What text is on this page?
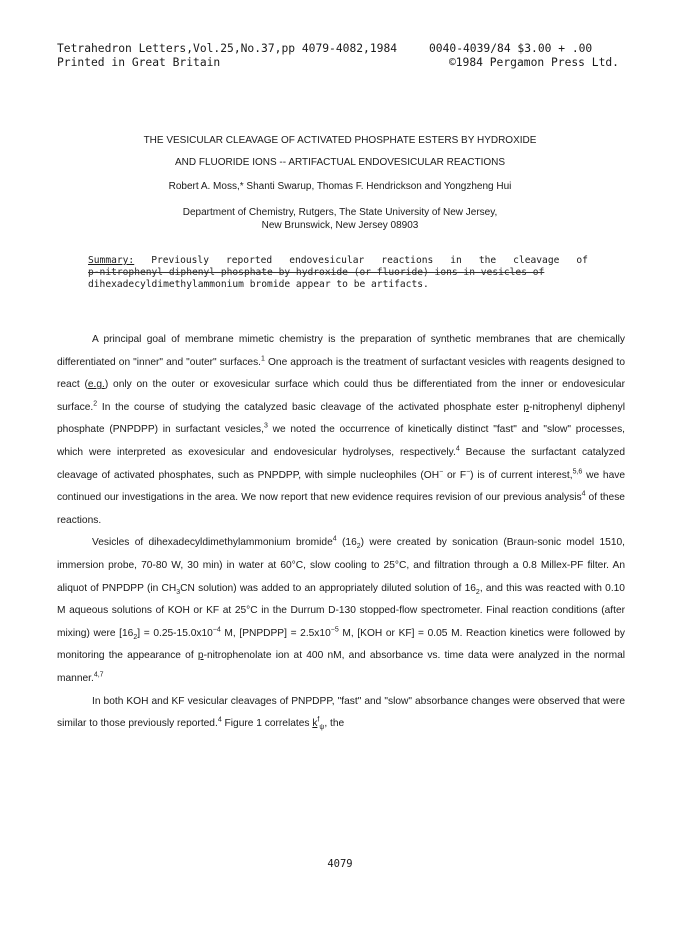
Tetrahedron Letters,Vol.25,No.37,pp 4079-4082,1984
Printed in Great Britain
0040-4039/84 $3.00 + .00
©1984 Pergamon Press Ltd.
THE VESICULAR CLEAVAGE OF ACTIVATED PHOSPHATE ESTERS BY HYDROXIDE
AND FLUORIDE IONS -- ARTIFACTUAL ENDOVESICULAR REACTIONS
Robert A. Moss,* Shanti Swarup, Thomas F. Hendrickson and Yongzheng Hui
Department of Chemistry, Rutgers, The State University of New Jersey,
New Brunswick, New Jersey 08903
Summary: Previously reported endovesicular reactions in the cleavage of
p-nitrophenyl diphenyl phosphate by hydroxide (or fluoride) ions in vesicles of
dihexadecyldimethylammonium bromide appear to be artifacts.

A principal goal of membrane mimetic chemistry is the preparation of synthetic membranes that are chemically differentiated on "inner" and "outer" surfaces.$^1$ One approach is the treatment of surfactant vesicles with reagents designed to react (e.g.) only on the outer or exovesicular surface which could thus be differentiated from the inner or endovesicular surface.$^2$ In the course of studying the catalyzed basic cleavage of the activated phosphate ester p-nitrophenyl diphenyl phosphate (PNPDPP) in surfactant vesicles,$^3$ we noted the occurrence of kinetically distinct "fast" and "slow" processes, which were interpreted as exovesicular and endovesicular hydrolyses, respectively.$^4$ Because the surfactant catalyzed cleavage of activated phosphates, such as PNPDPP, with simple nucleophiles (OH− or F−) is of current interest,$^{5,6}$ we have continued our investigations in the area. We now report that new evidence requires revision of our previous analysis$^4$ of these reactions.

Vesicles of dihexadecyldimethylammonium bromide$^4$ $(16_2)$ were created by sonication (Braun-sonic model 1510, immersion probe, 70-80 W, 30 min) in water at 60°C, slow cooling to 25°C, and filtration through a 0.8 Millex-PF filter. An aliquot of PNPDPP (in $CH_3CN$ solution) was added to an appropriately diluted solution of $16_2$, and this was reacted with 0.10 M aqueous solutions of KOH or KF at 25°C in the Durrum D-130 stopped-flow spectrometer. Final reaction conditions (after mixing) were $[16_2] = 0.25-15.0x10^{-4}$ M, [PNPDPP] = $2.5x10^{-5}$ M, [KOH or KF] = 0.05 M. Reaction kinetics were followed by monitoring the appearance of p-nitrophenolate ion at 400 nM, and absorbance vs. time data were analyzed in the normal manner.$^{4,7}$

In both KOH and KF vesicular cleavages of PNPDPP, "fast" and "slow" absorbance changes were observed that were similar to those previously reported.$^4$ Figure 1 correlates $k^f_\psi$, the

4079
